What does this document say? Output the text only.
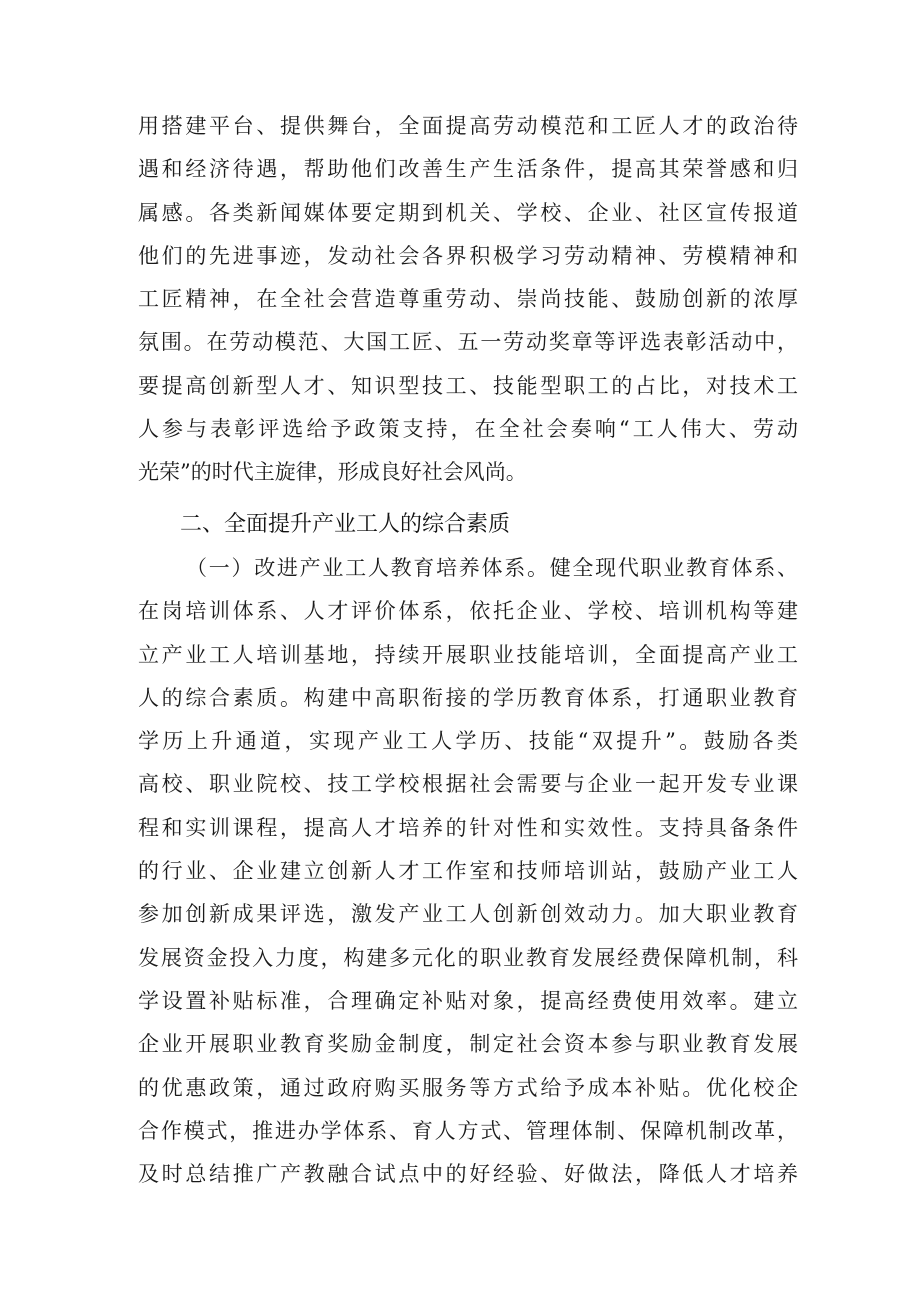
用搭建平台、提供舞台，全面提高劳动模范和工匠人才的政治待
遇和经济待遇，帮助他们改善生产生活条件，提高其荣誉感和归
属感。各类新闻媒体要定期到机关、学校、企业、社区宣传报道
他们的先进事迹，发动社会各界积极学习劳动精神、劳模精神和
工匠精神，在全社会营造尊重劳动、崇尚技能、鼓励创新的浓厚
氛围。在劳动模范、大国工匠、五一劳动奖章等评选表彰活动中，
要提高创新型人才、知识型技工、技能型职工的占比，对技术工
人参与表彰评选给予政策支持，在全社会奏响“工人伟大、劳动
光荣”的时代主旋律，形成良好社会风尚。
二、全面提升产业工人的综合素质
（一）改进产业工人教育培养体系。健全现代职业教育体系、
在岗培训体系、人才评价体系，依托企业、学校、培训机构等建
立产业工人培训基地，持续开展职业技能培训，全面提高产业工
人的综合素质。构建中高职衔接的学历教育体系，打通职业教育
学历上升通道，实现产业工人学历、技能“双提升”。鼓励各类
高校、职业院校、技工学校根据社会需要与企业一起开发专业课
程和实训课程，提高人才培养的针对性和实效性。支持具备条件
的行业、企业建立创新人才工作室和技师培训站，鼓励产业工人
参加创新成果评选，激发产业工人创新创效动力。加大职业教育
发展资金投入力度，构建多元化的职业教育发展经费保障机制，科
学设置补贴标准，合理确定补贴对象，提高经费使用效率。建立
企业开展职业教育奖励金制度，制定社会资本参与职业教育发展
的优惠政策，通过政府购买服务等方式给予成本补贴。优化校企
合作模式，推进办学体系、育人方式、管理体制、保障机制改革，
及时总结推广产教融合试点中的好经验、好做法，降低人才培养
